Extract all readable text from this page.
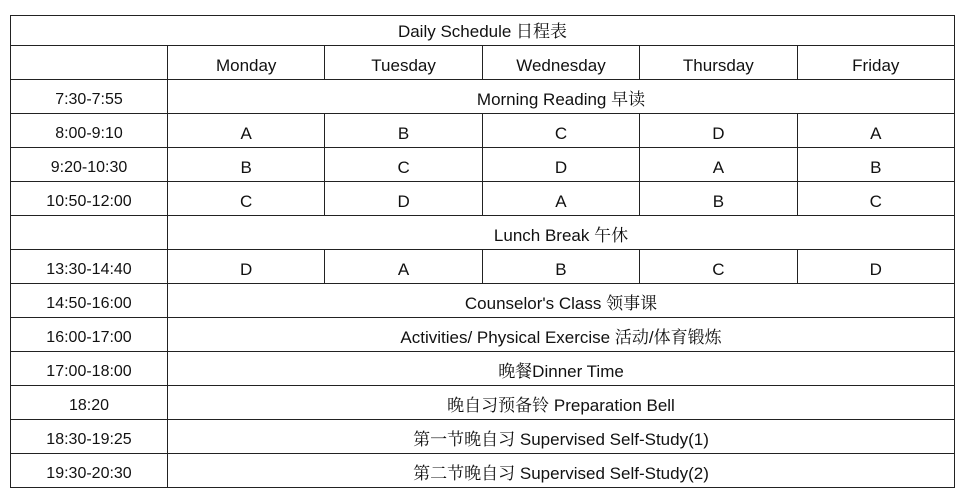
Daily Schedule 日程表					
	Monday	Tuesday	Wednesday	Thursday	Friday
7:30-7:55	Morning Reading 早读				
8:00-9:10	A	B	C	D	A
9:20-10:30	B	C	D	A	B
10:50-12:00	C	D	A	B	C
	Lunch Break 午休				
13:30-14:40	D	A	B	C	D
14:50-16:00	Counselor's Class 领事课				
16:00-17:00	Activities/ Physical Exercise 活动/体育锻炼				
17:00-18:00	晚餐Dinner Time				
18:20	晚自习预备铃 Preparation Bell				
18:30-19:25	第一节晚自习 Supervised Self-Study(1)				
19:30-20:30	第二节晚自习 Supervised Self-Study(2)				
